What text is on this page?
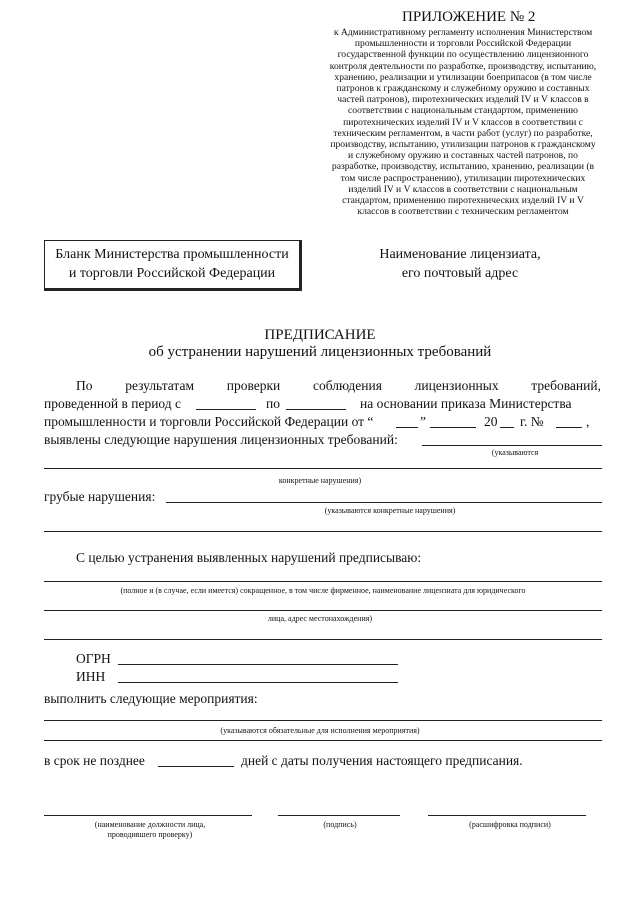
ПРИЛОЖЕНИЕ № 2
к Административному регламенту исполнения Министерством
промышленности и торговли Российской Федерации
государственной функции по осуществлению лицензионного
контроля деятельности по разработке, производству, испытанию,
хранению, реализации и утилизации боеприпасов (в том числе
патронов к гражданскому и служебному оружию и составных
частей патронов), пиротехнических изделий IV и V классов в
соответствии с национальным стандартом, применению
пиротехнических изделий IV и V классов в соответствии с
техническим регламентом, в части работ (услуг) по разработке,
производству, испытанию, утилизации патронов к гражданскому
и служебному оружию и составных частей патронов, по
разработке, производству, испытанию, хранению, реализации (в
том числе распространению), утилизации пиротехнических
изделий IV и V классов в соответствии с национальным
стандартом, применению пиротехнических изделий IV и V
классов в соответствии с техническим регламентом
Бланк Министерства промышленности
и торговли Российской Федерации
Наименование лицензиата,
его почтовый адрес
ПРЕДПИСАНИЕ
об устранении нарушений лицензионных требований
По результатам проверки соблюдения лицензионных требований,
проведенной в период с	по	на основании приказа Министерства
промышленности и торговли Российской Федерации от “	”	20 г. №	,
выявлены следующие нарушения лицензионных требований:
(указываются
конкретные нарушения)
грубые нарушения:
(указываются конкретные нарушения)
С целью устранения выявленных нарушений предписываю:
(полное и (в случае, если имеется) сокращенное, в том числе фирменное, наименование лицензиата для юридического
лица, адрес местонахождения)
ОГРН
ИНН
выполнить следующие мероприятия:
(указываются обязательные для исполнения мероприятия)
в срок не позднее	дней с даты получения настоящего предписания.
(наименование должности лица,
проводившего проверку)
(подпись)	(расшифровка подписи)
